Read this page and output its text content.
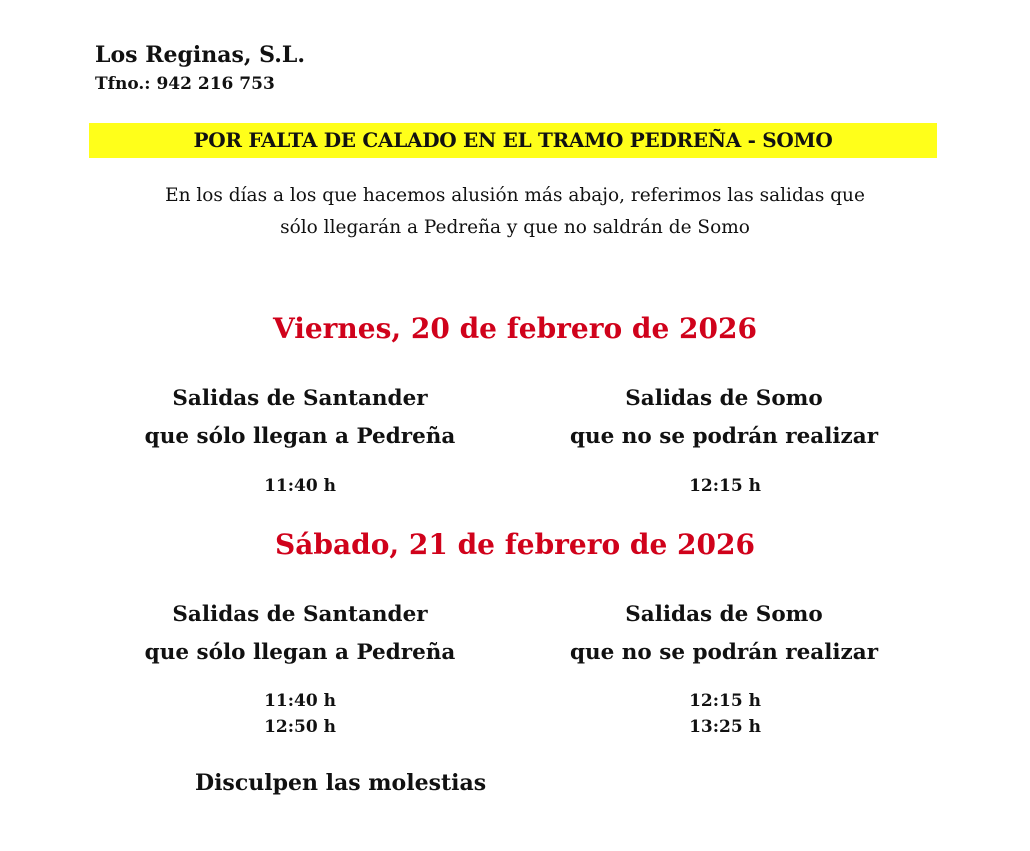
Los Reginas, S.L.
Tfno.: 942 216 753
POR FALTA DE CALADO EN EL TRAMO PEDREÑA - SOMO
En los días a los que hacemos alusión más abajo, referimos las salidas que
sólo llegarán a Pedreña y que no saldrán de Somo
Viernes, 20 de febrero de 2026
Salidas de Santander
que sólo llegan a Pedreña
Salidas de Somo
que no se podrán realizar
11:40 h	12:15 h
Sábado, 21 de febrero de 2026
Salidas de Santander
que sólo llegan a Pedreña
Salidas de Somo
que no se podrán realizar
11:40 h
12:50 h
12:15 h
13:25 h
Disculpen las molestias
